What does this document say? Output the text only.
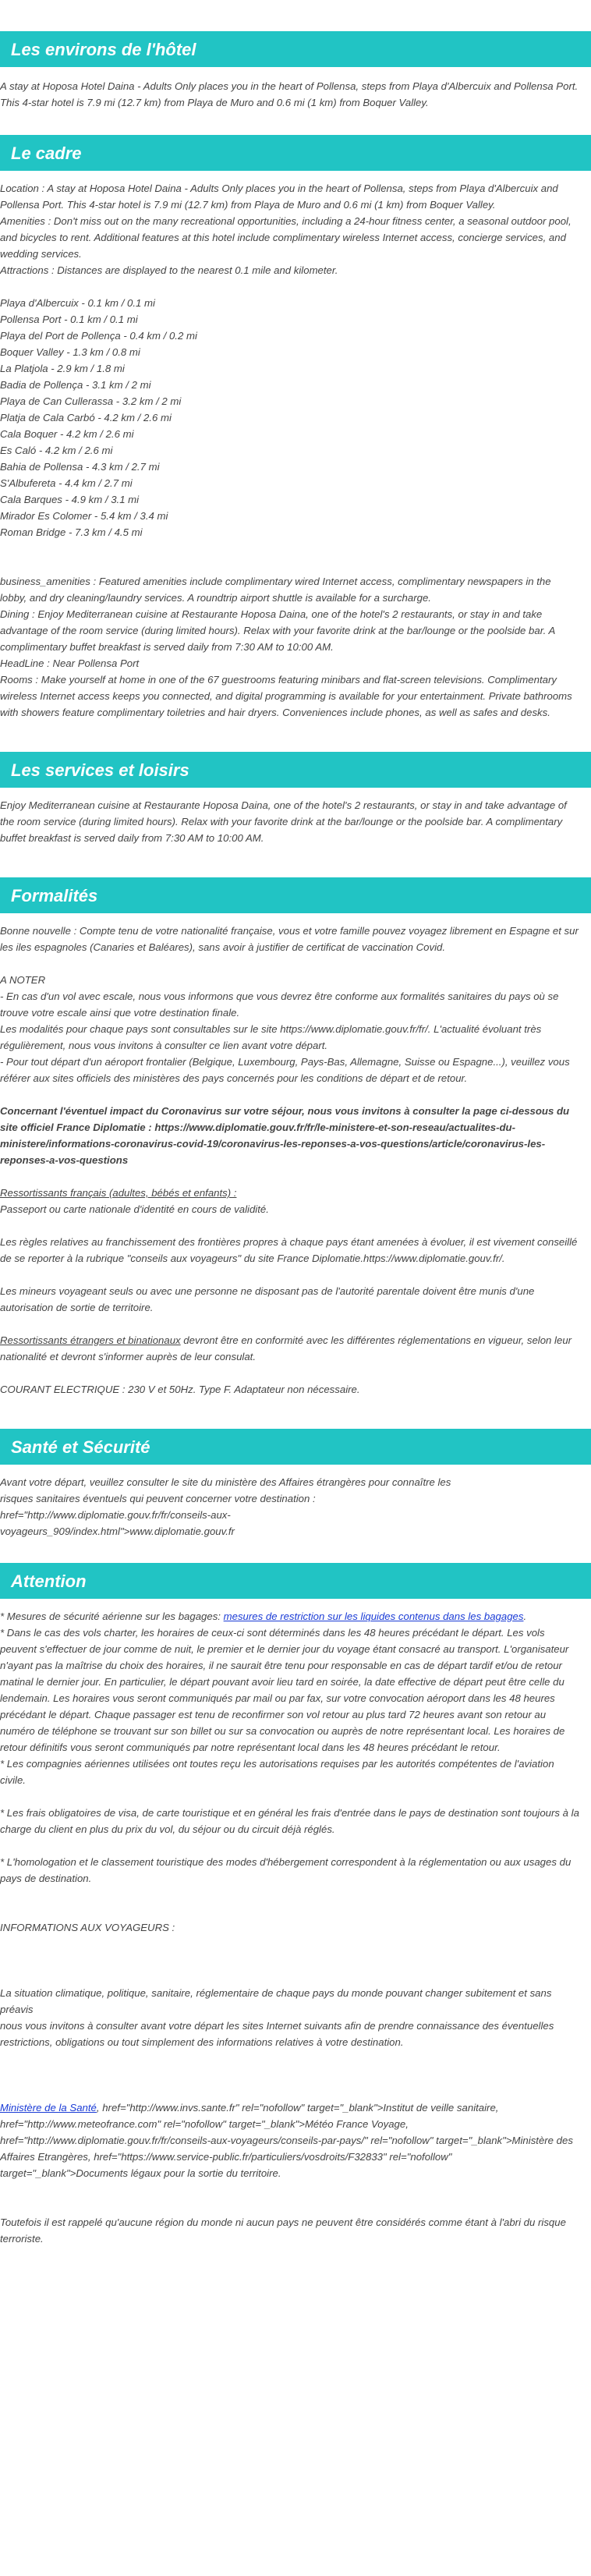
Les environs de l'hôtel

A stay at Hoposa Hotel Daina - Adults Only places you in the heart of Pollensa, steps from Playa d'Albercuix and Pollensa Port. This 4-star hotel is 7.9 mi (12.7 km) from Playa de Muro and 0.6 mi (1 km) from Boquer Valley.

Le cadre

Location : A stay at Hoposa Hotel Daina - Adults Only places you in the heart of Pollensa, steps from Playa d'Albercuix and Pollensa Port. This 4-star hotel is 7.9 mi (12.7 km) from Playa de Muro and 0.6 mi (1 km) from Boquer Valley.

Amenities : Don't miss out on the many recreational opportunities, including a 24-hour fitness center, a seasonal outdoor pool, and bicycles to rent. Additional features at this hotel include complimentary wireless Internet access, concierge services, and wedding services.

Attractions : Distances are displayed to the nearest 0.1 mile and kilometer.

Playa d'Albercuix - 0.1 km / 0.1 mi
Pollensa Port - 0.1 km / 0.1 mi
Playa del Port de Pollença - 0.4 km / 0.2 mi
Boquer Valley - 1.3 km / 0.8 mi
La Platjola - 2.9 km / 1.8 mi
Badia de Pollença - 3.1 km / 2 mi
Playa de Can Cullerassa - 3.2 km / 2 mi
Platja de Cala Carbó - 4.2 km / 2.6 mi
Cala Boquer - 4.2 km / 2.6 mi
Es Caló - 4.2 km / 2.6 mi
Bahia de Pollensa - 4.3 km / 2.7 mi
S'Albufereta - 4.4 km / 2.7 mi
Cala Barques - 4.9 km / 3.1 mi
Mirador Es Colomer - 5.4 km / 3.4 mi
Roman Bridge - 7.3 km / 4.5 mi

business_amenities : Featured amenities include complimentary wired Internet access, complimentary newspapers in the lobby, and dry cleaning/laundry services. A roundtrip airport shuttle is available for a surcharge.

Dining : Enjoy Mediterranean cuisine at Restaurante Hoposa Daina, one of the hotel's 2 restaurants, or stay in and take advantage of the room service (during limited hours). Relax with your favorite drink at the bar/lounge or the poolside bar. A complimentary buffet breakfast is served daily from 7:30 AM to 10:00 AM.

HeadLine : Near Pollensa Port

Rooms : Make yourself at home in one of the 67 guestrooms featuring minibars and flat-screen televisions. Complimentary wireless Internet access keeps you connected, and digital programming is available for your entertainment. Private bathrooms with showers feature complimentary toiletries and hair dryers. Conveniences include phones, as well as safes and desks.

Les services et loisirs

Enjoy Mediterranean cuisine at Restaurante Hoposa Daina, one of the hotel's 2 restaurants, or stay in and take advantage of the room service (during limited hours). Relax with your favorite drink at the bar/lounge or the poolside bar. A complimentary buffet breakfast is served daily from 7:30 AM to 10:00 AM.

Formalités

Bonne nouvelle : Compte tenu de votre nationalité française, vous et votre famille pouvez voyagez librement en Espagne et sur les iles espagnoles (Canaries et Baléares), sans avoir à justifier de certificat de vaccination Covid.

A NOTER

- En cas d'un vol avec escale, nous vous informons que vous devrez être conforme aux formalités sanitaires du pays où se trouve votre escale ainsi que votre destination finale.

Les modalités pour chaque pays sont consultables sur le site https://www.diplomatie.gouv.fr/fr/. L'actualité évoluant très régulièrement, nous vous invitons à consulter ce lien avant votre départ.

- Pour tout départ d'un aéroport frontalier (Belgique, Luxembourg, Pays-Bas, Allemagne, Suisse ou Espagne...), veuillez vous référer aux sites officiels des ministères des pays concernés pour les conditions de départ et de retour.

Concernant l'éventuel impact du Coronavirus sur votre séjour, nous vous invitons à consulter la page ci-dessous du site officiel France Diplomatie : https://www.diplomatie.gouv.fr/fr/le-ministere-et-son-reseau/actualites-du-ministere/informations-coronavirus-covid-19/coronavirus-les-reponses-a-vos-questions/article/coronavirus-les-reponses-a-vos-questions

Ressortissants français (adultes, bébés et enfants) :

Passeport ou carte nationale d'identité en cours de validité.

Les règles relatives au franchissement des frontières propres à chaque pays étant amenées à évoluer, il est vivement conseillé de se reporter à la rubrique "conseils aux voyageurs" du site France Diplomatie.https://www.diplomatie.gouv.fr/.

Les mineurs voyageant seuls ou avec une personne ne disposant pas de l'autorité parentale doivent être munis d'une autorisation de sortie de territoire.

Ressortissants étrangers et binationaux devront être en conformité avec les différentes réglementations en vigueur, selon leur nationalité et devront s'informer auprès de leur consulat.

COURANT ELECTRIQUE : 230 V et 50Hz. Type F. Adaptateur non nécessaire.

Santé et Sécurité

Avant votre départ, veuillez consulter le site du ministère des Affaires étrangères pour connaître les risques sanitaires éventuels qui peuvent concerner votre destination : href="http://www.diplomatie.gouv.fr/fr/conseils-aux-voyageurs_909/index.html">www.diplomatie.gouv.fr

Attention

* Mesures de sécurité aérienne sur les bagages: mesures de restriction sur les liquides contenus dans les bagages.

* Dans le cas des vols charter, les horaires de ceux-ci sont déterminés dans les 48 heures précédant le départ. Les vols peuvent s'effectuer de jour comme de nuit, le premier et le dernier jour du voyage étant consacré au transport. L'organisateur n'ayant pas la maîtrise du choix des horaires, il ne saurait être tenu pour responsable en cas de départ tardif et/ou de retour matinal le dernier jour. En particulier, le départ pouvant avoir lieu tard en soirée, la date effective de départ peut être celle du lendemain. Les horaires vous seront communiqués par mail ou par fax, sur votre convocation aéroport dans les 48 heures précédant le départ. Chaque passager est tenu de reconfirmer son vol retour au plus tard 72 heures avant son retour au numéro de téléphone se trouvant sur son billet ou sur sa convocation ou auprès de notre représentant local. Les horaires de retour définitifs vous seront communiqués par notre représentant local dans les 48 heures précédant le retour.

* Les compagnies aériennes utilisées ont toutes reçu les autorisations requises par les autorités compétentes de l'aviation civile.

* Les frais obligatoires de visa, de carte touristique et en général les frais d'entrée dans le pays de destination sont toujours à la charge du client en plus du prix du vol, du séjour ou du circuit déjà réglés.

* L'homologation et le classement touristique des modes d'hébergement correspondent à la réglementation ou aux usages du pays de destination.

INFORMATIONS AUX VOYAGEURS :

La situation climatique, politique, sanitaire, réglementaire de chaque pays du monde pouvant changer subitement et sans préavis

nous vous invitons à consulter avant votre départ les sites Internet suivants afin de prendre connaissance des éventuelles restrictions, obligations ou tout simplement des informations relatives à votre destination.

Ministère de la Santé, href="http://www.invs.sante.fr" rel="nofollow" target="_blank">Institut de veille sanitaire, href="http://www.meteofrance.com" rel="nofollow" target="_blank">Météo France Voyage, href="http://www.diplomatie.gouv.fr/fr/conseils-aux-voyageurs/conseils-par-pays/" rel="nofollow" target="_blank">Ministère des Affaires Etrangères, href="https://www.service-public.fr/particuliers/vosdroits/F32833" rel="nofollow" target="_blank">Documents légaux pour la sortie du territoire.

Toutefois il est rappelé qu'aucune région du monde ni aucun pays ne peuvent être considérés comme étant à l'abri du risque terroriste.
